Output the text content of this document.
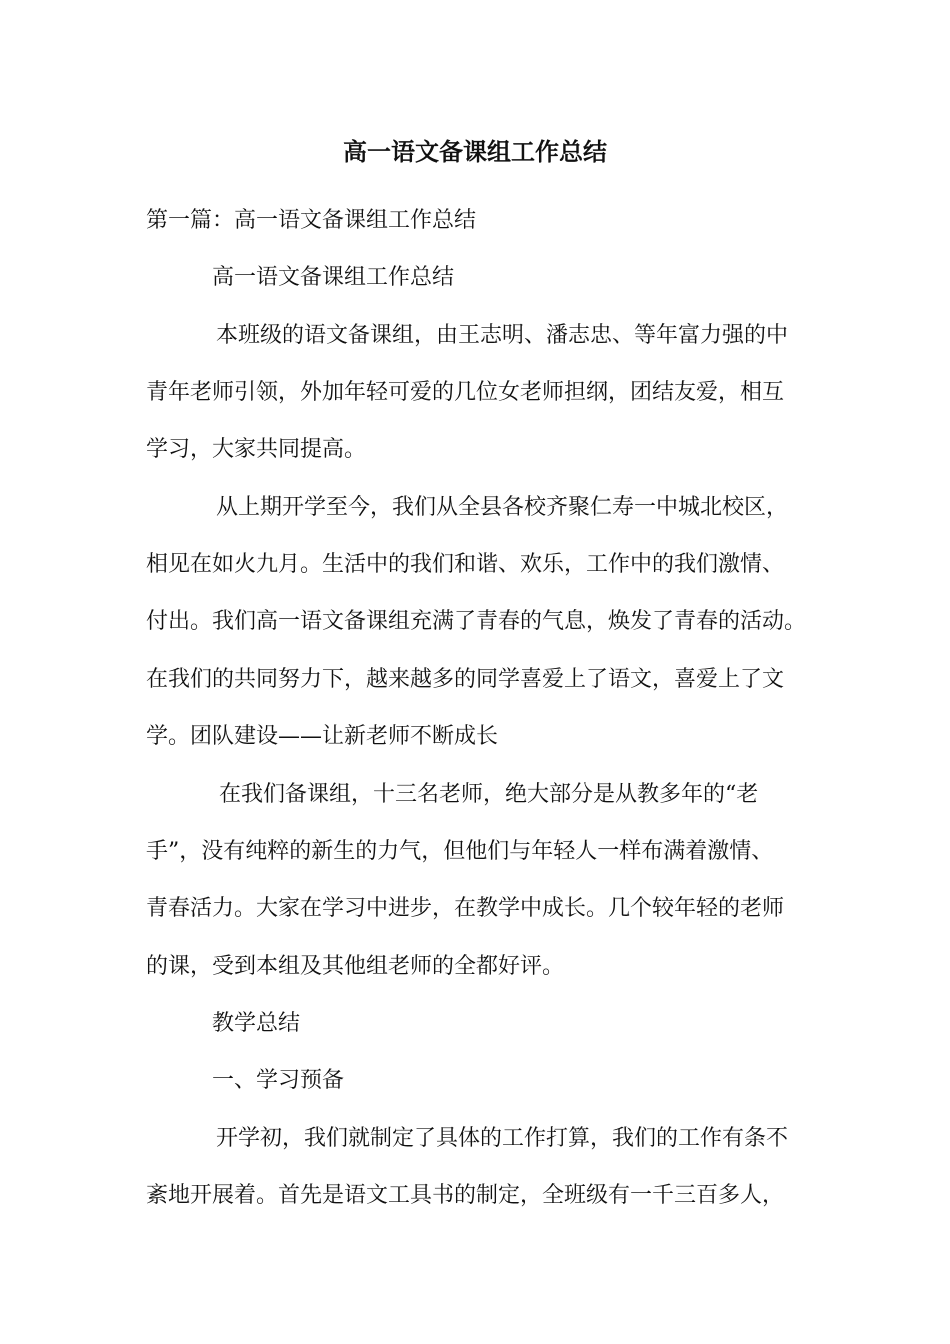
高一语文备课组工作总结
第一篇：高一语文备课组工作总结
高一语文备课组工作总结
本班级的语文备课组，由王志明、潘志忠、等年富力强的中
青年老师引领，外加年轻可爱的几位女老师担纲，团结友爱，相互
学习，大家共同提高。
从上期开学至今，我们从全县各校齐聚仁寿一中城北校区，
相见在如火九月。生活中的我们和谐、欢乐，工作中的我们激情、
付出。我们高一语文备课组充满了青春的气息，焕发了青春的活动。
在我们的共同努力下，越来越多的同学喜爱上了语文，喜爱上了文
学。团队建设——让新老师不断成长
在我们备课组，十三名老师，绝大部分是从教多年的“老
手”，没有纯粹的新生的力气，但他们与年轻人一样布满着激情、
青春活力。大家在学习中进步，在教学中成长。几个较年轻的老师
的课，受到本组及其他组老师的全都好评。
教学总结
一、学习预备
开学初，我们就制定了具体的工作打算，我们的工作有条不
紊地开展着。首先是语文工具书的制定，全班级有一千三百多人，
